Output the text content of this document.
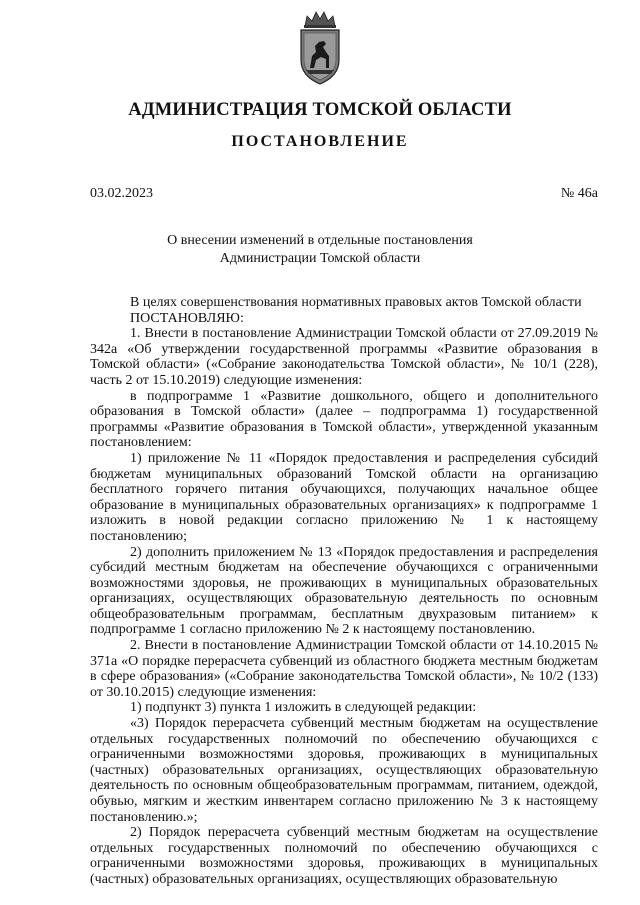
АДМИНИСТРАЦИЯ ТОМСКОЙ ОБЛАСТИ
ПОСТАНОВЛЕНИЕ
03.02.2023	№ 46а
О внесении изменений в отдельные постановления
Администрации Томской области

В целях совершенствования нормативных правовых актов Томской области

ПОСТАНОВЛЯЮ:

1. Внести в постановление Администрации Томской области от 27.09.2019 № 342а «Об утверждении государственной программы «Развитие образования в Томской области» («Собрание законодательства Томской области», № 10/1 (228), часть 2 от 15.10.2019) следующие изменения:

в подпрограмме 1 «Развитие дошкольного, общего и дополнительного образования в Томской области» (далее – подпрограмма 1) государственной программы «Развитие образования в Томской области», утвержденной указанным постановлением:

1) приложение № 11 «Порядок предоставления и распределения субсидий бюджетам муниципальных образований Томской области на организацию бесплатного горячего питания обучающихся, получающих начальное общее образование в муниципальных образовательных организациях» к подпрограмме 1 изложить в новой редакции согласно приложению № 1 к настоящему постановлению;

2) дополнить приложением № 13 «Порядок предоставления и распределения субсидий местным бюджетам на обеспечение обучающихся с ограниченными возможностями здоровья, не проживающих в муниципальных образовательных организациях, осуществляющих образовательную деятельность по основным общеобразовательным программам, бесплатным двухразовым питанием» к подпрограмме 1 согласно приложению № 2 к настоящему постановлению.

2. Внести в постановление Администрации Томской области от 14.10.2015 № 371а «О порядке перерасчета субвенций из областного бюджета местным бюджетам в сфере образования» («Собрание законодательства Томской области», № 10/2 (133) от 30.10.2015) следующие изменения:

1) подпункт 3) пункта 1 изложить в следующей редакции:

«3) Порядок перерасчета субвенций местным бюджетам на осуществление отдельных государственных полномочий по обеспечению обучающихся с ограниченными возможностями здоровья, проживающих в муниципальных (частных) образовательных организациях, осуществляющих образовательную деятельность по основным общеобразовательным программам, питанием, одеждой, обувью, мягким и жестким инвентарем согласно приложению № 3 к настоящему постановлению.»;

2) Порядок перерасчета субвенций местным бюджетам на осуществление отдельных государственных полномочий по обеспечению обучающихся с ограниченными возможностями здоровья, проживающих в муниципальных (частных) образовательных организациях, осуществляющих образовательную
